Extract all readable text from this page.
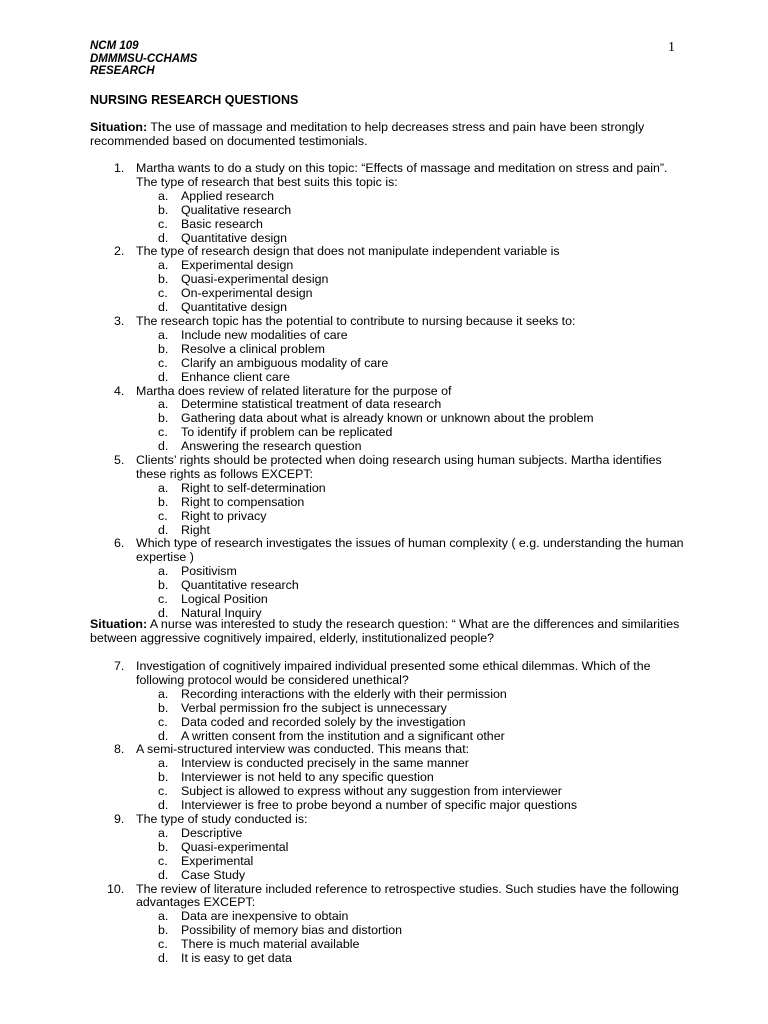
1
NCM 109
DMMMSU-CCHAMS
RESEARCH
NURSING RESEARCH QUESTIONS
Situation: The use of massage and meditation to help decreases stress and pain have been strongly recommended based on documented testimonials.
1. Martha wants to do a study on this topic: “Effects of massage and meditation on stress and pain”. The type of research that best suits this topic is:
a. Applied research
b. Qualitative research
c. Basic research
d. Quantitative design
2. The type of research design that does not manipulate independent variable is
a. Experimental design
b. Quasi-experimental design
c. On-experimental design
d. Quantitative design
3. The research topic has the potential to contribute to nursing because it seeks to:
a. Include new modalities of care
b. Resolve a clinical problem
c. Clarify an ambiguous modality of care
d. Enhance client care
4. Martha does review of related literature for the purpose of
a. Determine statistical treatment of data research
b. Gathering data about what is already known or unknown about the problem
c. To identify if problem can be replicated
d. Answering the research question
5. Clients’ rights should be protected when doing research using human subjects. Martha identifies these rights as follows EXCEPT:
a. Right to self-determination
b. Right to compensation
c. Right to privacy
d. Right
6. Which type of research investigates the issues of human complexity ( e.g. understanding the human expertise )
a. Positivism
b. Quantitative research
c. Logical Position
d. Natural Inquiry
Situation: A nurse was interested to study the research question: “ What are the differences and similarities between aggressive cognitively impaired, elderly, institutionalized people?
7. Investigation of cognitively impaired individual presented some ethical dilemmas. Which of the following protocol would be considered unethical?
a. Recording interactions with the elderly with their permission
b. Verbal permission fro the subject is unnecessary
c. Data coded and recorded solely by the investigation
d. A written consent from the institution and a significant other
8. A semi-structured interview was conducted. This means that:
a. Interview is conducted precisely in the same manner
b. Interviewer is not held to any specific question
c. Subject is allowed to express without any suggestion from interviewer
d. Interviewer is free to probe beyond a number of specific major questions
9. The type of study conducted is:
a. Descriptive
b. Quasi-experimental
c. Experimental
d. Case Study
10. The review of literature included reference to retrospective studies. Such studies have the following advantages EXCEPT:
a. Data are inexpensive to obtain
b. Possibility of memory bias and distortion
c. There is much material available
d. It is easy to get data
